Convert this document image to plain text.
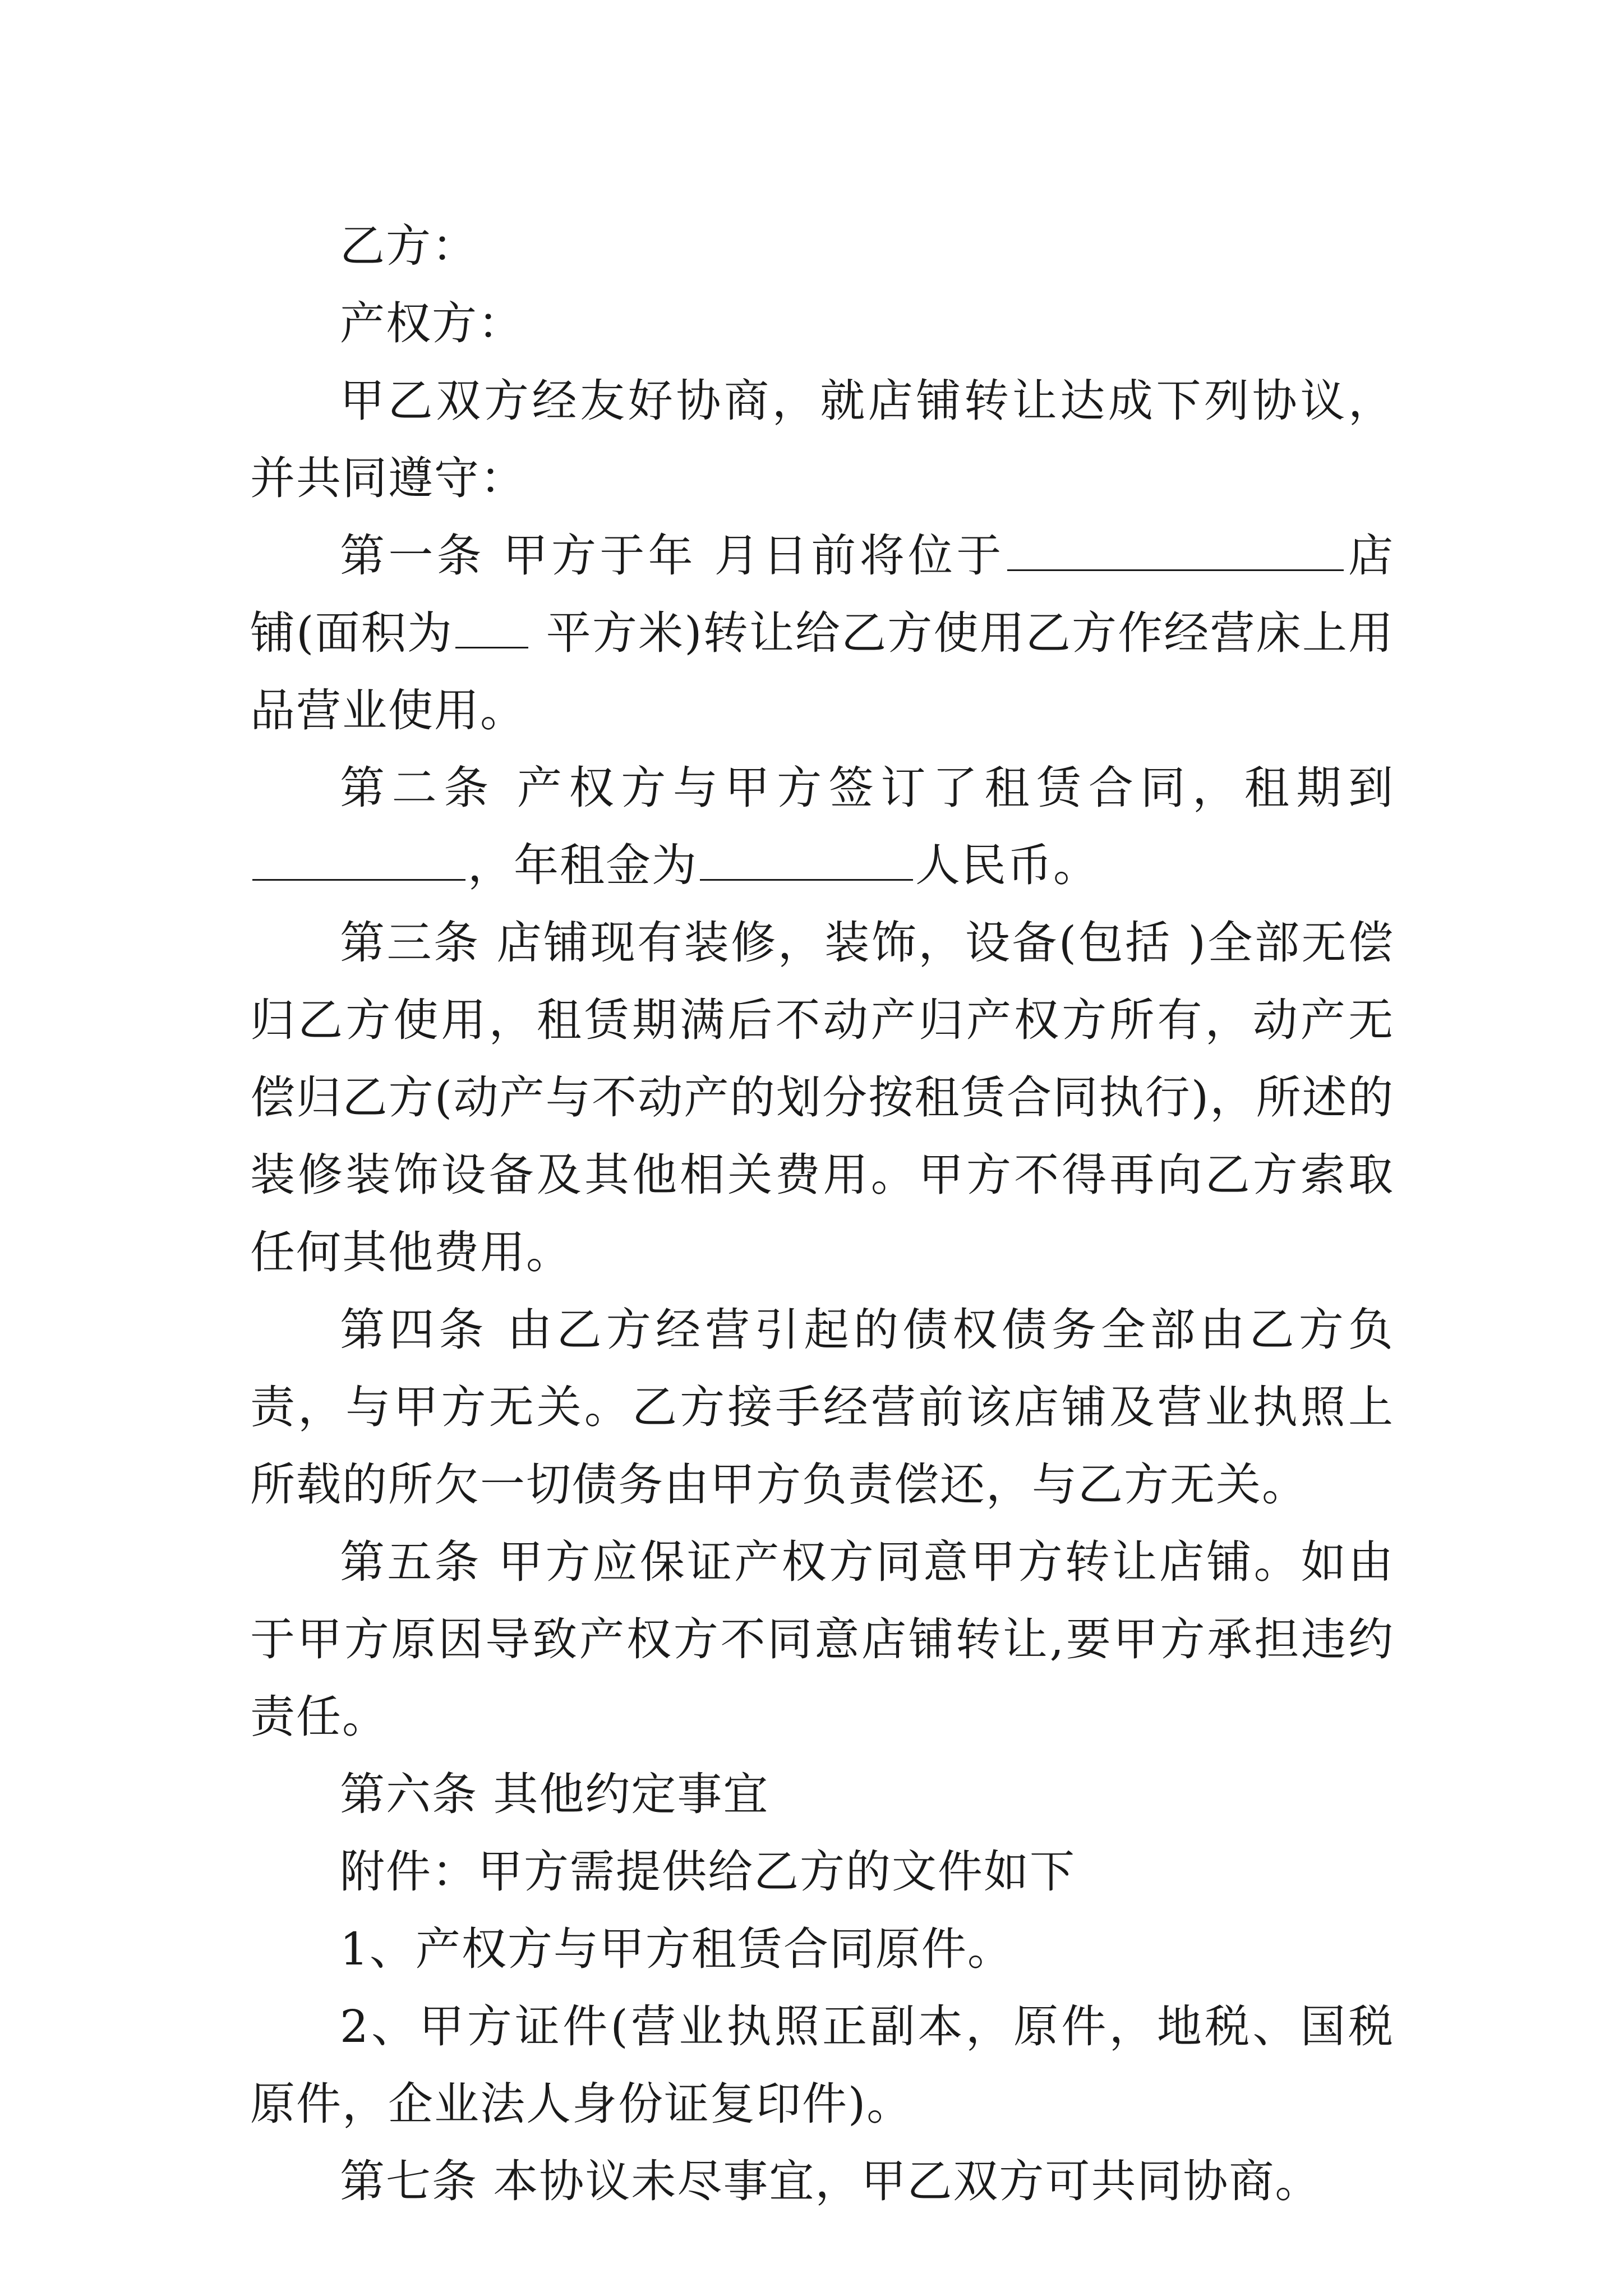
乙方：

产权方：

甲乙双方经友好协商，就店铺转让达成下列协议，并共同遵守：

第一条 甲方于年 月日前将位于	店铺(面积为 平方米)转让给乙方使用乙方作经营床上用品营业使用。

第二条 产权方与甲方签订了租赁合同，租期到，年租金为	人民币。

第三条 店铺现有装修，装饰，设备(包括 )全部无偿归乙方使用，租赁期满后不动产归产权方所有，动产无偿归乙方(动产与不动产的划分按租赁合同执行)，所述的装修装饰设备及其他相关费用。甲方不得再向乙方索取任何其他费用。

第四条 由乙方经营引起的债权债务全部由乙方负责，与甲方无关。乙方接手经营前该店铺及营业执照上所载的所欠一切债务由甲方负责偿还，与乙方无关。

第五条 甲方应保证产权方同意甲方转让店铺。如由于甲方原因导致产权方不同意店铺转让,要甲方承担违约责任。

第六条 其他约定事宜

附件：甲方需提供给乙方的文件如下

1、产权方与甲方租赁合同原件。

2、甲方证件(营业执照正副本，原件，地税、国税原件，企业法人身份证复印件)。

第七条 本协议未尽事宜，甲乙双方可共同协商。
